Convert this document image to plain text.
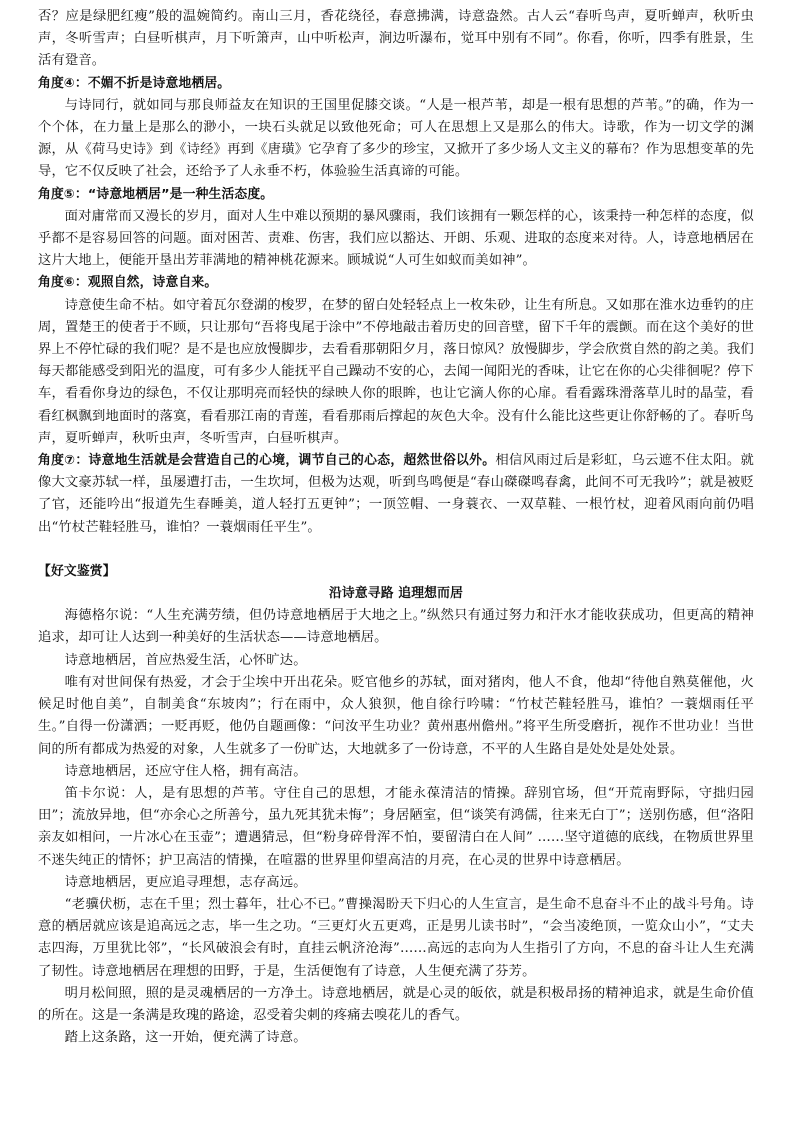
否？应是绿肥红瘦”般的温婉简约。南山三月，香花绕径，春意拂满，诗意盎然。古人云“春听鸟声，夏听蝉声，秋听虫声，冬听雪声；白昼听棋声，月下听箫声，山中听松声，涧边听瀑布，觉耳中别有不同”。你看，你听，四季有胜景，生活有跫音。

角度④：不媚不折是诗意地栖居。

与诗同行，就如同与那良师益友在知识的王国里促膝交谈。“人是一根芦苇，却是一根有思想的芦苇。”的确，作为一个个体，在力量上是那么的渺小，一块石头就足以致他死命；可人在思想上又是那么的伟大。诗歌，作为一切文学的渊源，从《荷马史诗》到《诗经》再到《唐璜》它孕育了多少的珍宝，又掀开了多少场人文主义的幕布？作为思想变革的先导，它不仅反映了社会，还给予了人永垂不朽，体验验生活真谛的可能。

角度⑤：“诗意地栖居”是一种生活态度。

面对庸常而又漫长的岁月，面对人生中难以预期的暴风骤雨，我们该拥有一颗怎样的心，该秉持一种怎样的态度，似乎都不是容易回答的问题。面对困苦、责难、伤害，我们应以豁达、开朗、乐观、进取的态度来对待。人，诗意地栖居在这片大地上，便能开垦出芳菲满地的精神桃花源来。顾城说“人可生如蚁而美如神”。

角度⑥：观照自然，诗意自来。

诗意使生命不枯。如守着瓦尔登湖的梭罗，在梦的留白处轻轻点上一枚朱砂，让生有所息。又如那在淮水边垂钓的庄周，置楚王的使者于不顾，只让那句“吾将曳尾于涂中”不停地敲击着历史的回音壁，留下千年的震颤。而在这个美好的世界上不停忙碌的我们呢？是不是也应放慢脚步，去看看那朝阳夕月，落日惊风？放慢脚步，学会欣赏自然的韵之美。我们每天都能感受到阳光的温度，可有多少人能抚平自己躁动不安的心，去闻一闻阳光的香味，让它在你的心尖徘徊呢？停下车，看看你身边的绿色，不仅让那明亮而轻快的绿映人你的眼眸，也让它滴人你的心扉。看看露珠滑落草儿时的晶莹，看看红枫飘到地面时的落寞，看看那江南的青莲，看看那雨后撑起的灰色大伞。没有什么能比这些更让你舒畅的了。春听鸟声，夏听蝉声，秋听虫声，冬听雪声，白昼听棋声。

角度⑦：诗意地生活就是会营造自己的心境，调节自己的心态，超然世俗以外。相信风雨过后是彩虹，乌云遮不住太阳。就像大文豪苏轼一样，虽屡遭打击，一生坎坷，但极为达观，听到鸟鸣便是“春山磔磔鸣春禽，此间不可无我吟”；就是被贬了官，还能吟出“报道先生春睡美，道人轻打五更钟”；一顶笠帽、一身蓑衣、一双草鞋、一根竹杖，迎着风雨向前仍唱出“竹杖芒鞋轻胜马，谁怕？一蓑烟雨任平生”。

【好文鉴赏】

沿诗意寻路 追理想而居

海德格尔说：“人生充满劳绩，但仍诗意地栖居于大地之上。”纵然只有通过努力和汗水才能收获成功，但更高的精神追求，却可让人达到一种美好的生活状态——诗意地栖居。

诗意地栖居，首应热爱生活，心怀旷达。

唯有对世间保有热爱，才会于尘埃中开出花朵。贬官他乡的苏轼，面对猪肉，他人不食，他却“待他自熟莫催他，火候足时他自美”，自制美食“东坡肉”；行在雨中，众人狼狈，他自徐行吟啸：“竹杖芒鞋轻胜马，谁怕？一蓑烟雨任平生。”自得一份潇洒；一贬再贬，他仍自题画像：“问汝平生功业？黄州惠州儋州。”将平生所受磨折，视作不世功业！当世间的所有都成为热爱的对象，人生就多了一份旷达，大地就多了一份诗意，不平的人生路自是处处是处处景。

诗意地栖居，还应守住人格，拥有高洁。

笛卡尔说：人，是有思想的芦苇。守住自己的思想，才能永葆清洁的情操。辞别官场，但“开荒南野际，守拙归园田”；流放异地，但“亦余心之所善兮，虽九死其犹未悔”；身居陋室，但“谈笑有鸿儒，往来无白丁”；送别伤感，但“洛阳亲友如相问，一片冰心在玉壶”；遭遇猜忌，但“粉身碎骨浑不怕，要留清白在人间” ……坚守道德的底线，在物质世界里不迷失纯正的情怀；护卫高洁的情操，在喧嚣的世界里仰望高洁的月亮，在心灵的世界中诗意栖居。

诗意地栖居，更应追寻理想，志存高远。

“老骥伏枥，志在千里；烈士暮年，壮心不已。”曹操渴盼天下归心的人生宣言，是生命不息奋斗不止的战斗号角。诗意的栖居就应该是追高远之志，毕一生之功。“三更灯火五更鸡，正是男儿读书时”，“会当凌绝顶，一览众山小”，“丈夫志四海，万里犹比邻”，“长风破浪会有时，直挂云帆济沧海”……高远的志向为人生指引了方向，不息的奋斗让人生充满了韧性。诗意地栖居在理想的田野，于是，生活便饱有了诗意，人生便充满了芬芳。

明月松间照，照的是灵魂栖居的一方净土。诗意地栖居，就是心灵的皈依，就是积极昂扬的精神追求，就是生命价值的所在。这是一条满是玫瑰的路途，忍受着尖刺的疼痛去嗅花儿的香气。

踏上这条路，这一开始，便充满了诗意。
